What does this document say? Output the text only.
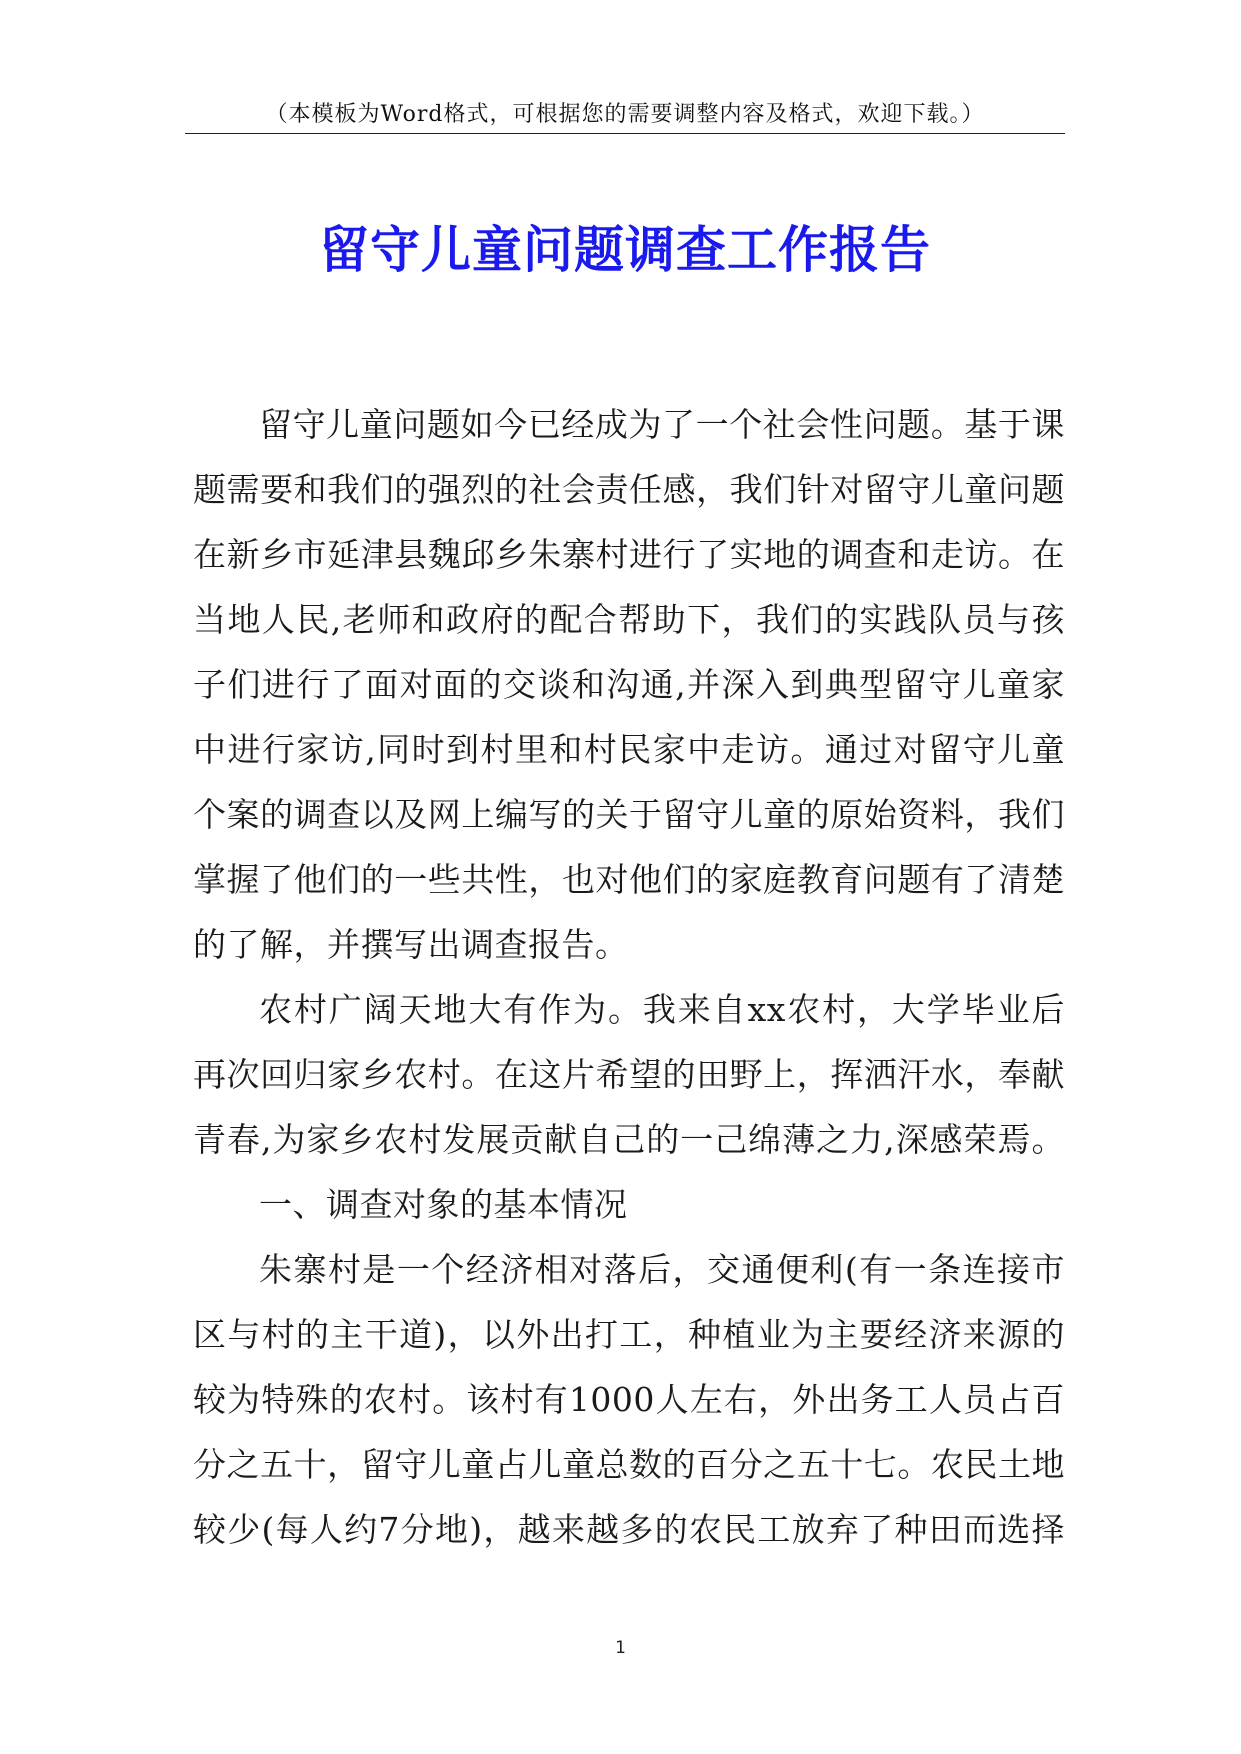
（本模板为Word格式，可根据您的需要调整内容及格式，欢迎下载。）
留守儿童问题调查工作报告
留守儿童问题如今已经成为了一个社会性问题。基于课
题需要和我们的强烈的社会责任感，我们针对留守儿童问题
在新乡市延津县魏邱乡朱寨村进行了实地的调查和走访。在
当地人民,老师和政府的配合帮助下，我们的实践队员与孩
子们进行了面对面的交谈和沟通,并深入到典型留守儿童家
中进行家访,同时到村里和村民家中走访。通过对留守儿童
个案的调查以及网上编写的关于留守儿童的原始资料，我们
掌握了他们的一些共性，也对他们的家庭教育问题有了清楚
的了解，并撰写出调查报告。
农村广阔天地大有作为。我来自xx农村，大学毕业后
再次回归家乡农村。在这片希望的田野上，挥洒汗水，奉献
青春,为家乡农村发展贡献自己的一己绵薄之力,深感荣焉。
一、调查对象的基本情况
朱寨村是一个经济相对落后，交通便利(有一条连接市
区与村的主干道)，以外出打工，种植业为主要经济来源的
较为特殊的农村。该村有1000人左右，外出务工人员占百
分之五十，留守儿童占儿童总数的百分之五十七。农民土地
较少(每人约7分地)，越来越多的农民工放弃了种田而选择
1
